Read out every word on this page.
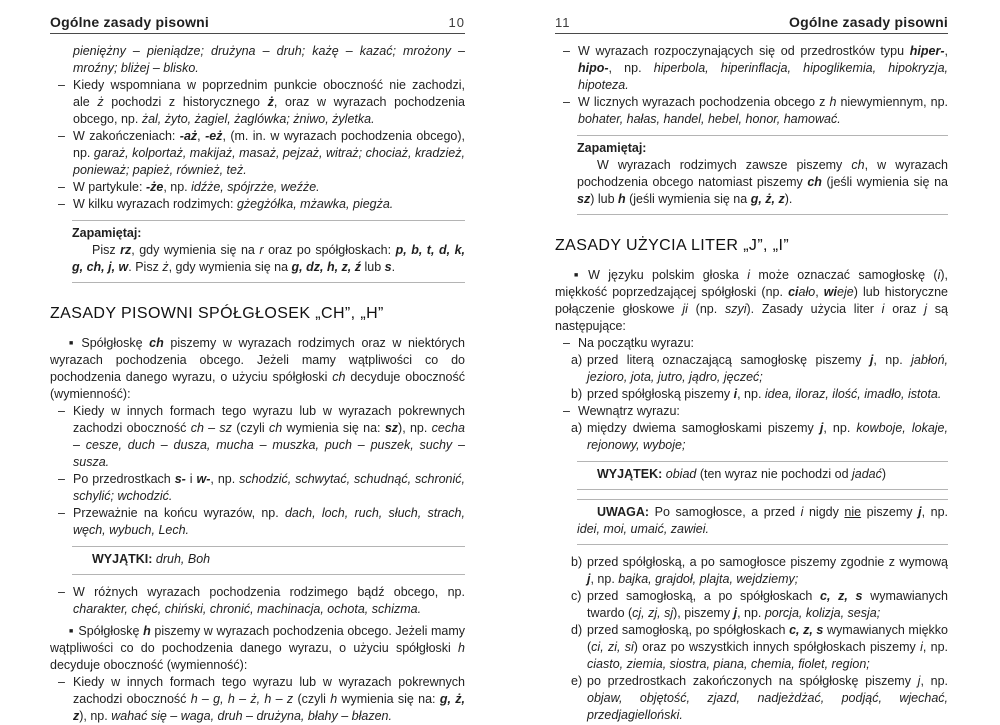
Ogólne zasady pisowni	10

pieniężny – pieniądze; drużyna – druh; każę – kazać; mrożony – mroźny; bliżej – blisko.

– Kiedy wspomniana w poprzednim punkcie oboczność nie zachodzi, ale ż pochodzi z historycznego ż, oraz w wyrazach pochodzenia obcego, np. żal, żyto, żagiel, żaglówka; żniwo, żyletka.

– W zakończeniach: -aż, -eż, (m. in. w wyrazach pochodzenia obcego), np. garaż, kolportaż, makijaż, masaż, pejzaż, witraż; chociaż, kradzież, ponieważ; papież, również, też.

– W partykule: -że, np. idźże, spójrzże, weźże.

– W kilku wyrazach rodzimych: gżegżółka, mżawka, piegża.

Zapamiętaj:

Pisz rz, gdy wymienia się na r oraz po spółgłoskach: p, b, t, d, k, g, ch, j, w. Pisz ż, gdy wymienia się na g, dz, h, z, ź lub s.

ZASADY PISOWNI SPÓŁGŁOSEK „CH”, „H”

■ Spółgłoskę ch piszemy w wyrazach rodzimych oraz w niektórych wyrazach pochodzenia obcego. Jeżeli mamy wątpliwości co do pochodzenia danego wyrazu, o użyciu spółgłoski ch decyduje oboczność (wymienność):

– Kiedy w innych formach tego wyrazu lub w wyrazach pokrewnych zachodzi oboczność ch – sz (czyli ch wymienia się na: sz), np. cecha – cesze, duch – dusza, mucha – muszka, puch – puszek, suchy – susza.

– Po przedrostkach s- i w-, np. schodzić, schwytać, schudnąć, schronić, schylić; wchodzić.

– Przeważnie na końcu wyrazów, np. dach, loch, ruch, słuch, strach, węch, wybuch, Lech.

WYJĄTKI: druh, Boh

– W różnych wyrazach pochodzenia rodzimego bądź obcego, np. charakter, chęć, chiński, chronić, machinacja, ochota, schizma.

■ Spółgłoskę h piszemy w wyrazach pochodzenia obcego. Jeżeli mamy wątpliwości co do pochodzenia danego wyrazu, o użyciu spółgłoski h decyduje oboczność (wymienność):

– Kiedy w innych formach tego wyrazu lub w wyrazach pokrewnych zachodzi oboczność h – g, h – ż, h – z (czyli h wymienia się na: g, ż, z), np. wahać się – waga, druh – drużyna, błahy – błazen.

11	Ogólne zasady pisowni

– W wyrazach rozpoczynających się od przedrostków typu hiper-, hipo-, np. hiperbola, hiperinflacja, hipoglikemia, hipokryzja, hipoteza.

– W licznych wyrazach pochodzenia obcego z h niewymiennym, np. bohater, hałas, handel, hebel, honor, hamować.

Zapamiętaj:

W wyrazach rodzimych zawsze piszemy ch, w wyrazach pochodzenia obcego natomiast piszemy ch (jeśli wymienia się na sz) lub h (jeśli wymienia się na g, ż, z).

ZASADY UŻYCIA LITER „J”, „I”

■ W języku polskim głoska i może oznaczać samogłoskę (i), miękkość poprzedzającej spółgłoski (np. ciało, wieje) lub historyczne połączenie głoskowe ji (np. szyi). Zasady użycia liter i oraz j są następujące:

– Na początku wyrazu:

a) przed literą oznaczającą samogłoskę piszemy j, np. jabłoń, jezioro, jota, jutro, jądro, jęczeć;

b) przed spółgłoską piszemy i, np. idea, iloraz, ilość, imadło, istota.

– Wewnątrz wyrazu:

a) między dwiema samogłoskami piszemy j, np. kowboje, lokaje, rejonowy, wyboje;

WYJĄTEK: obiad (ten wyraz nie pochodzi od jadać)

UWAGA: Po samogłosce, a przed i nigdy nie piszemy j, np. idei, moi, umaić, zawiei.

b) przed spółgłoską, a po samogłosce piszemy zgodnie z wymową j, np. bajka, grajdoł, plajta, wejdziemy;

c) przed samogłoską, a po spółgłoskach c, z, s wymawianych twardo (cj, zj, sj), piszemy j, np. porcja, kolizja, sesja;

d) przed samogłoską, po spółgłoskach c, z, s wymawianych miękko (ci, zi, si) oraz po wszystkich innych spółgłoskach piszemy i, np. ciasto, ziemia, siostra, piana, chemia, fiolet, region;

e) po przedrostkach zakończonych na spółgłoskę piszemy j, np. objaw, objętość, zjazd, nadjeżdżać, podjąć, wjechać, przedjagielloński.
